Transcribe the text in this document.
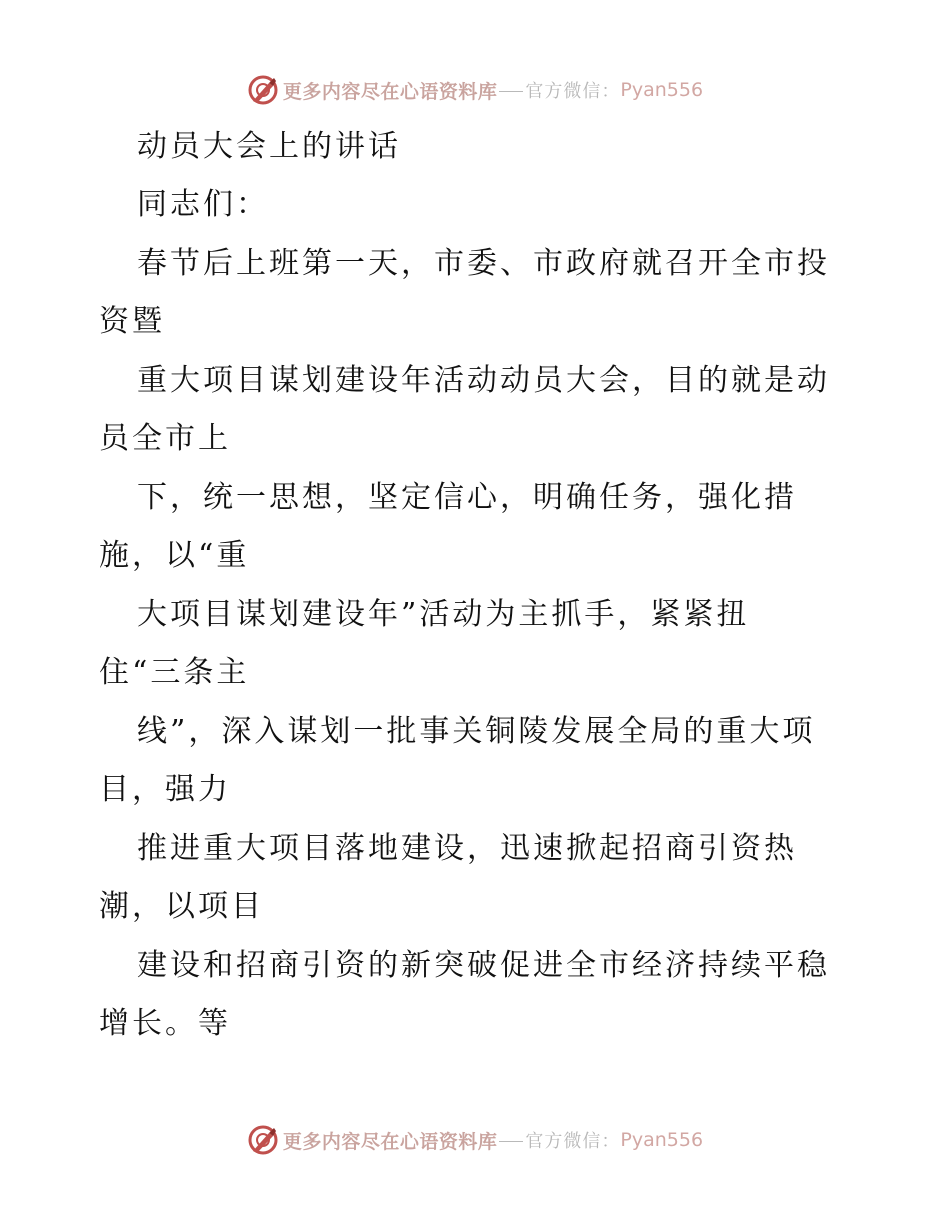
更多内容尽在心语资料库 官方微信： Pyan556
动员大会上的讲话
同志们：
春节后上班第一天，市委、市政府就召开全市投
资暨
重大项目谋划建设年活动动员大会，目的就是动
员全市上
下，统一思想，坚定信心，明确任务，强化措
施，以“重
大项目谋划建设年”活动为主抓手，紧紧扭
住“三条主
线”，深入谋划一批事关铜陵发展全局的重大项
目，强力
推进重大项目落地建设，迅速掀起招商引资热
潮，以项目
建设和招商引资的新突破促进全市经济持续平稳
增长。等
更多内容尽在心语资料库 官方微信： Pyan556
